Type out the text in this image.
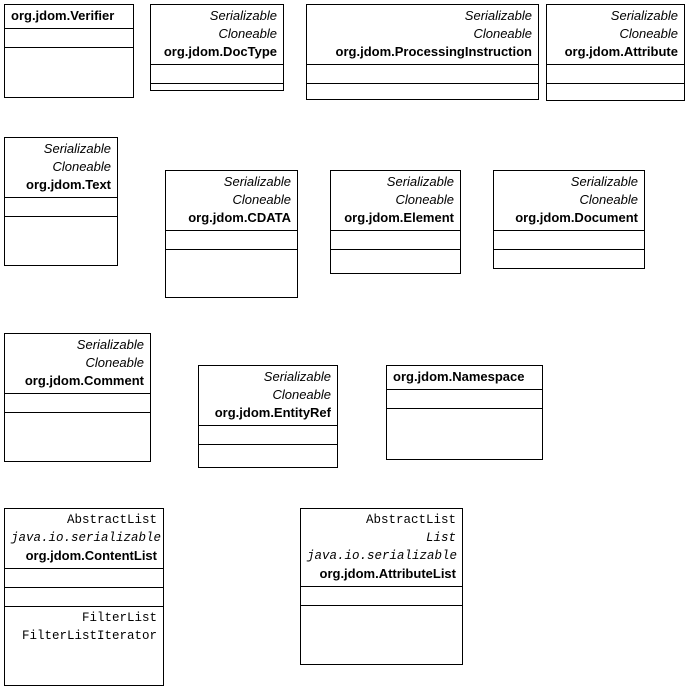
org.jdom.Verifier	Serializable
Cloneable
org.jdom.DocType
Serializable
Cloneable
org.jdom.ProcessingInstruction
Serializable
Cloneable
org.jdom.Attribute
Serializable
Cloneable
org.jdom.Text	Serializable
Cloneable
org.jdom.CDATA
Serializable
Cloneable
org.jdom.Element
Serializable
Cloneable
org.jdom.Document
Serializable
Cloneable
org.jdom.Comment	Serializable
Cloneable
org.jdom.EntityRef
org.jdom.Namespace
AbstractList
java.io.serializable
org.jdom.ContentList
FilterList
FilterListIterator
AbstractList
List
java.io.serializable
org.jdom.AttributeList
